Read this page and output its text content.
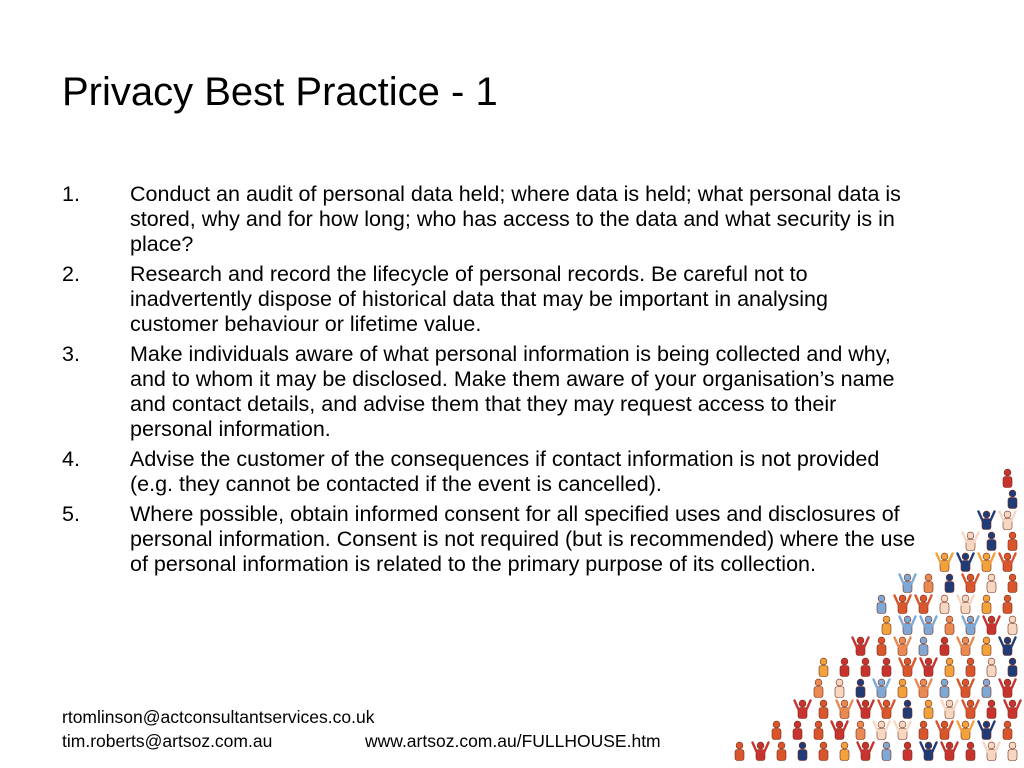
Privacy Best Practice - 1
1.	Conduct an audit of personal data held; where data is held; what personal data is stored, why and for how long; who has access to the data and what security is in place?
2.	Research and record the lifecycle of personal records. Be careful not to inadvertently dispose of historical data that may be important in analysing customer behaviour or lifetime value.
3.	Make individuals aware of what personal information is being collected and why, and to whom it may be disclosed. Make them aware of your organisation’s name and contact details, and advise them that they may request access to their personal information.
4.	Advise the customer of the consequences if contact information is not provided (e.g. they cannot be contacted if the event is cancelled).
5.	Where possible, obtain informed consent for all specified uses and disclosures of personal information. Consent is not required (but is recommended) where the use of personal information is related to the primary purpose of its collection.
rtomlinson@actconsultantservices.co.uk
tim.roberts@artsoz.com.au	www.artsoz.com.au/FULLHOUSE.htm
